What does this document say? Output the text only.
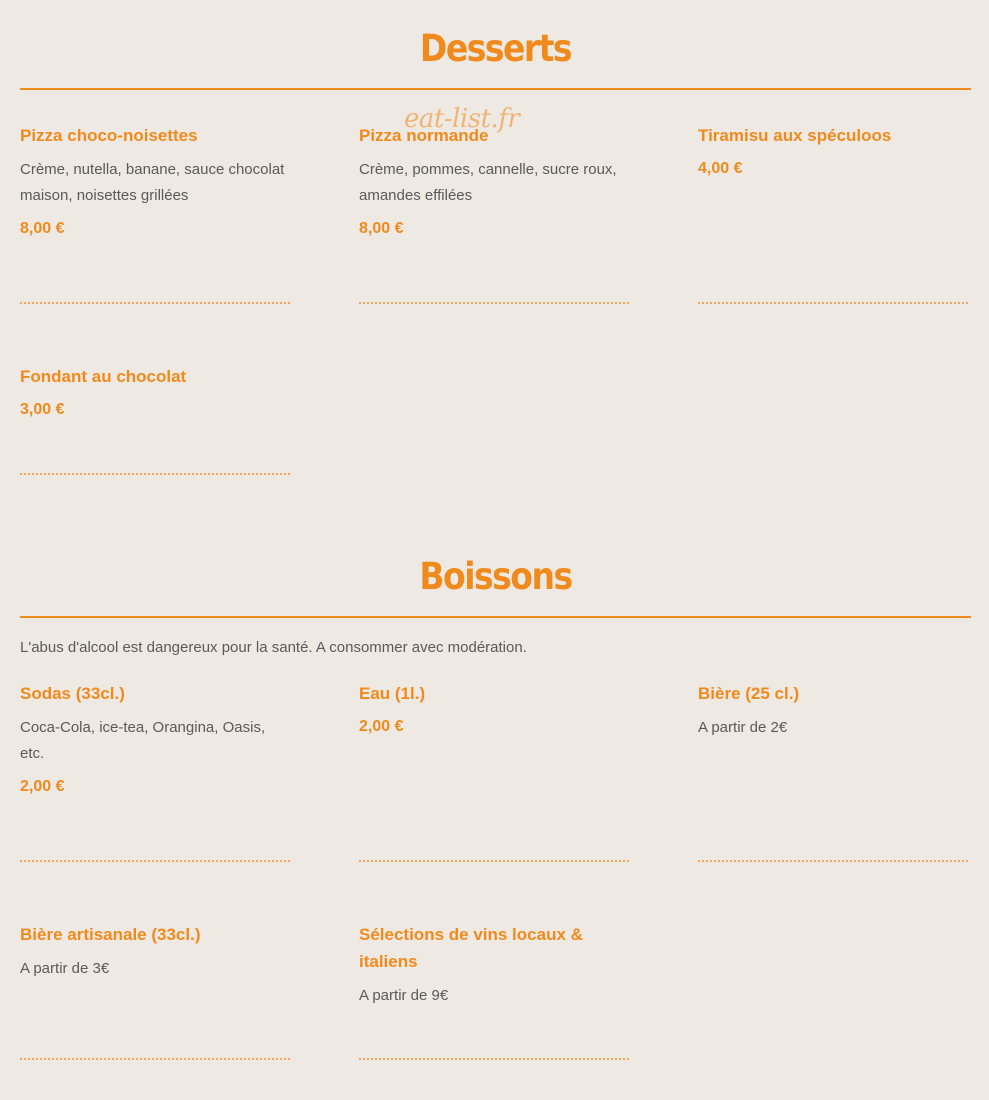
Desserts
Pizza choco-noisettes
Crème, nutella, banane, sauce chocolat maison, noisettes grillées
8,00 €
Pizza normande
Crème, pommes, cannelle, sucre roux, amandes effilées
8,00 €
Tiramisu aux spéculoos
4,00 €
Fondant au chocolat
3,00 €
Boissons
L'abus d'alcool est dangereux pour la santé. A consommer avec modération.
Sodas (33cl.)
Coca-Cola, ice-tea, Orangina, Oasis, etc.
2,00 €
Eau (1l.)
2,00 €
Bière (25 cl.)
A partir de 2€
Bière artisanale (33cl.)
A partir de 3€
Sélections de vins locaux & italiens
A partir de 9€
eat-list.fr
